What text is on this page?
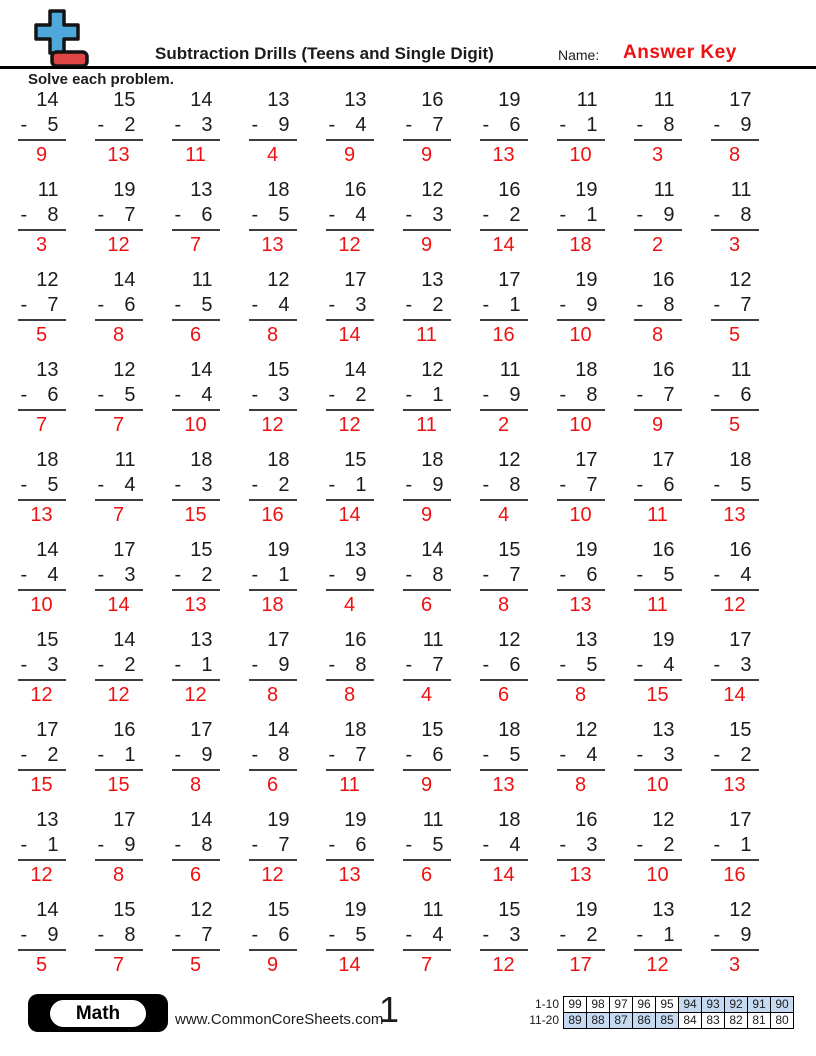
Subtraction Drills (Teens and Single Digit)	Name: Answer Key
Solve each problem.
14
- 5
9
15
- 2
13
14
- 3
11
13
- 9
4
13
- 4
9
16
- 7
9
19
- 6
13
11
- 1
10
11
- 8
3
17
- 9
8
11
- 8
3
19
- 7
12
13
- 6
7
18
- 5
13
16
- 4
12
12
- 3
9
16
- 2
14
19
- 1
18
11
- 9
2
11
- 8
3
12
- 7
5
14
- 6
8
11
- 5
6
12
- 4
8
17
- 3
14
13
- 2
11
17
- 1
16
19
- 9
10
16
- 8
8
12
- 7
5
13
- 6
7
12
- 5
7
14
- 4
10
15
- 3
12
14
- 2
12
12
- 1
11
11
- 9
2
18
- 8
10
16
- 7
9
11
- 6
5
18
- 5
13
11
- 4
7
18
- 3
15
18
- 2
16
15
- 1
14
18
- 9
9
12
- 8
4
17
- 7
10
17
- 6
11
18
- 5
13
14
- 4
10
17
- 3
14
15
- 2
13
19
- 1
18
13
- 9
4
14
- 8
6
15
- 7
8
19
- 6
13
16
- 5
11
16
- 4
12
15
- 3
12
14
- 2
12
13
- 1
12
17
- 9
8
16
- 8
8
11
- 7
4
12
- 6
6
13
- 5
8
19
- 4
15
17
- 3
14
17
- 2
15
16
- 1
15
17
- 9
8
14
- 8
6
18
- 7
11
15
- 6
9
18
- 5
13
12
- 4
8
13
- 3
10
15
- 2
13
13
- 1
12
17
- 9
8
14
- 8
6
19
- 7
12
19
- 6
13
11
- 5
6
18
- 4
14
16
- 3
13
12
- 2
10
17
- 1
16
14
- 9
5
15
- 8
7
12
- 7
5
15
- 6
9
19
- 5
14
11
- 4
7
15
- 3
12
19
- 2
17
13
- 1
12
12
- 9
3
Math	www.CommonCoreSheets.com
1	1-10 99 98 97 96 95 94 93 92 91 90
11-20 89 88 87 86 85 84 83 82 81 80
